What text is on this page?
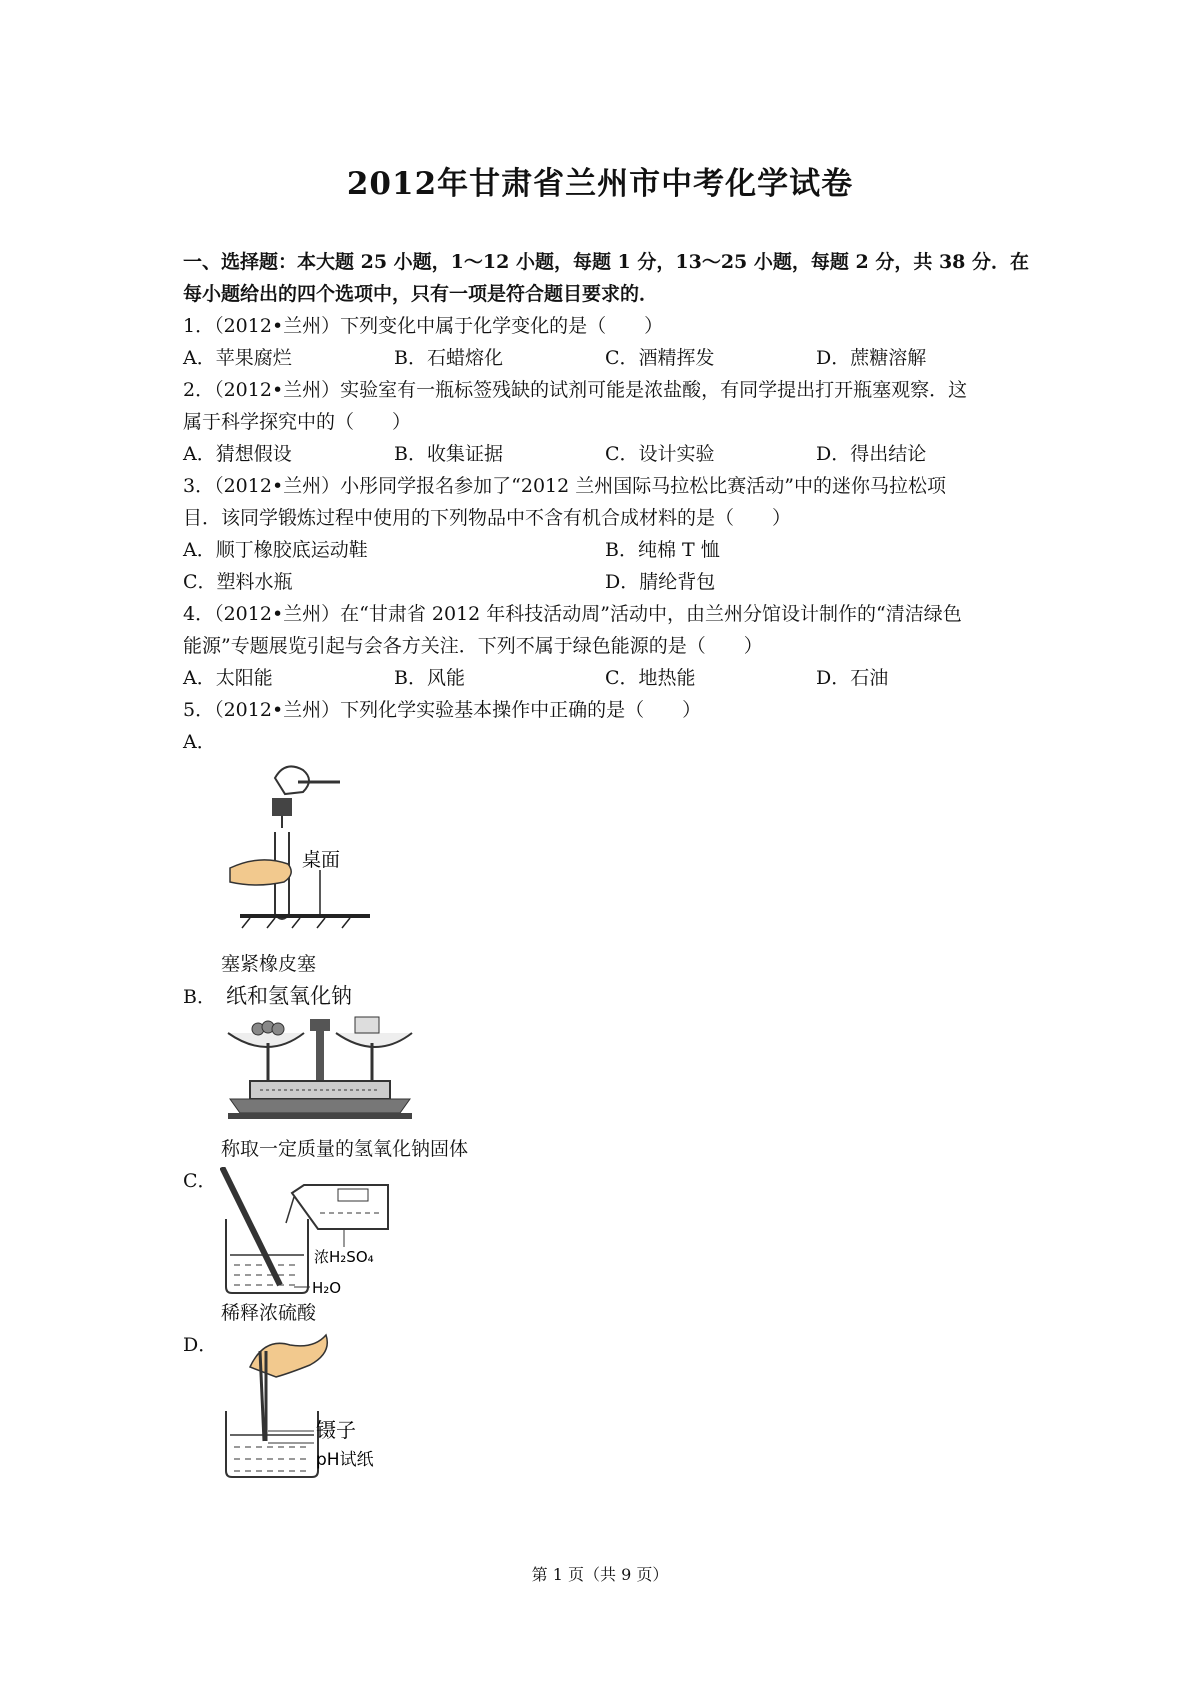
2012年甘肃省兰州市中考化学试卷
一、选择题：本大题 25 小题，1～12 小题，每题 1 分，13～25 小题，每题 2 分，共 38 分．在
每小题给出的四个选项中，只有一项是符合题目要求的．
1．（2012•兰州）下列变化中属于化学变化的是（　　）
A．苹果腐烂	B．石蜡熔化	C．酒精挥发	D．蔗糖溶解
2．（2012•兰州）实验室有一瓶标签残缺的试剂可能是浓盐酸，有同学提出打开瓶塞观察．这
属于科学探究中的（　　）
A．猜想假设	B．收集证据	C．设计实验	D．得出结论
3．（2012•兰州）小彤同学报名参加了“2012 兰州国际马拉松比赛活动”中的迷你马拉松项
目．该同学锻炼过程中使用的下列物品中不含有机合成材料的是（　　）
A．顺丁橡胶底运动鞋	B．纯棉 T 恤
C．塑料水瓶	D．腈纶背包
4．（2012•兰州）在“甘肃省 2012 年科技活动周”活动中，由兰州分馆设计制作的“清洁绿色
能源”专题展览引起与会各方关注．下列不属于绿色能源的是（　　）
A．太阳能	B．风能	C．地热能	D．石油
5．（2012•兰州）下列化学实验基本操作中正确的是（　　）
A．
桌面
塞紧橡皮塞
B． 纸和氢氧化钠
称取一定质量的氢氧化钠固体
C．
浓H₂SO₄
H₂O
稀释浓硫酸
D．
镊子
pH试纸
第 1 页（共 9 页）
